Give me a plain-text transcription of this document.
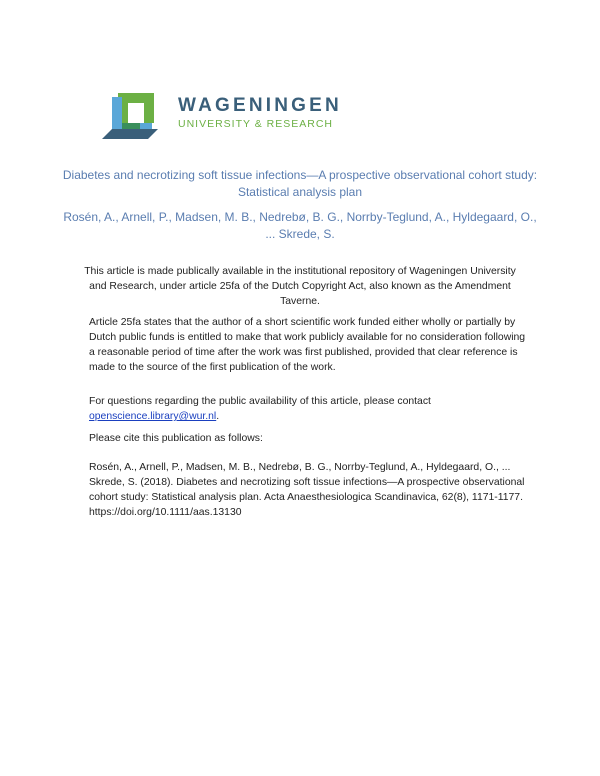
WAGENINGEN
UNIVERSITY & RESEARCH
Diabetes and necrotizing soft tissue infections—A prospective observational cohort study: Statistical analysis plan
Rosén, A., Arnell, P., Madsen, M. B., Nedrebø, B. G., Norrby-Teglund, A., Hyldegaard, O., ... Skrede, S.
This article is made publically available in the institutional repository of Wageningen University and Research, under article 25fa of the Dutch Copyright Act, also known as the Amendment Taverne.
Article 25fa states that the author of a short scientific work funded either wholly or partially by Dutch public funds is entitled to make that work publicly available for no consideration following a reasonable period of time after the work was first published, provided that clear reference is made to the source of the first publication of the work.
For questions regarding the public availability of this article, please contact openscience.library@wur.nl.
Please cite this publication as follows:
Rosén, A., Arnell, P., Madsen, M. B., Nedrebø, B. G., Norrby-Teglund, A., Hyldegaard, O., ... Skrede, S. (2018). Diabetes and necrotizing soft tissue infections—A prospective observational cohort study: Statistical analysis plan. Acta Anaesthesiologica Scandinavica, 62(8), 1171-1177. https://doi.org/10.1111/aas.13130
